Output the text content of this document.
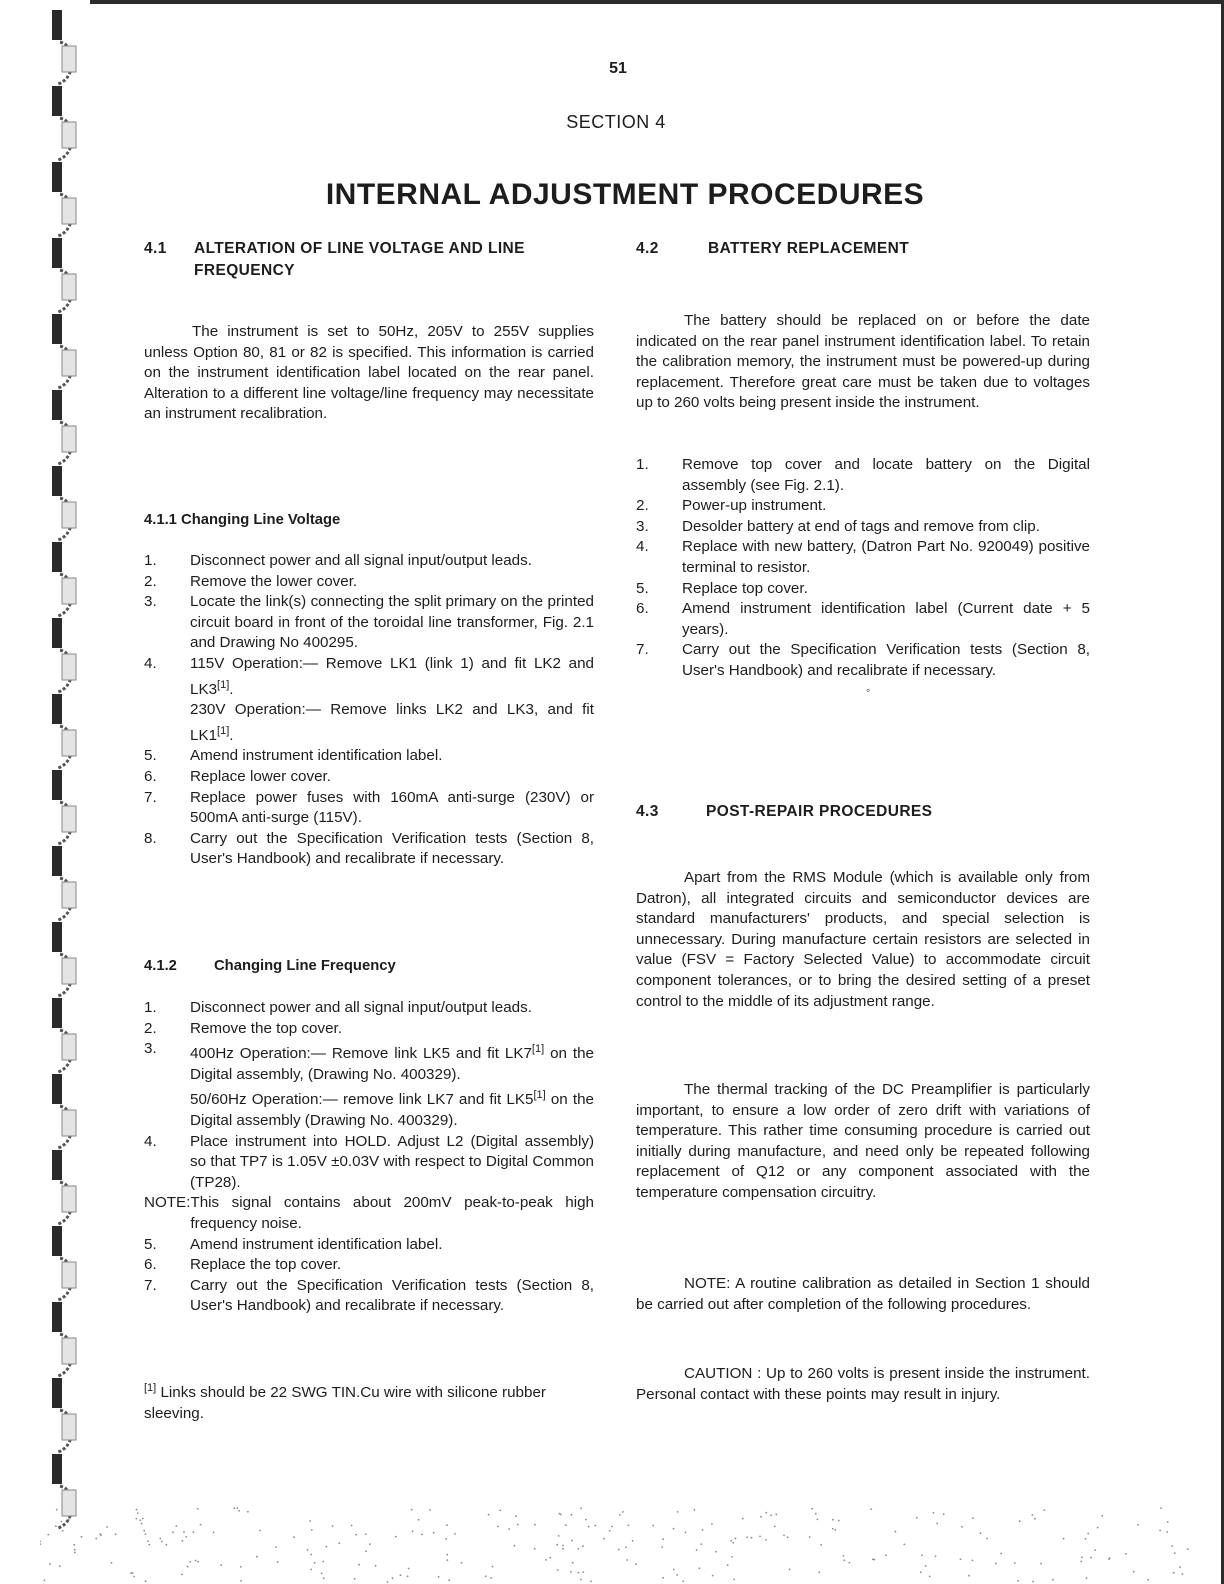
51
SECTION 4
INTERNAL ADJUSTMENT PROCEDURES
4.1	ALTERATION OF LINE VOLTAGE AND LINE FREQUENCY

The instrument is set to 50Hz, 205V to 255V supplies unless Option 80, 81 or 82 is specified. This information is carried on the instrument identification label located on the rear panel. Alteration to a different line voltage/line frequency may necessitate an instrument recalibration.

4.1.1 Changing Line Voltage
1.	Disconnect power and all signal input/output leads.
2.	Remove the lower cover.
3.	Locate the link(s) connecting the split primary on the printed circuit board in front of the toroidal line transformer, Fig. 2.1 and Drawing No 400295.
4.	115V Operation:— Remove LK1 (link 1) and fit LK2 and LK3[1].
230V Operation:— Remove links LK2 and LK3, and fit LK1[1].
5.	Amend instrument identification label.
6.	Replace lower cover.
7.	Replace power fuses with 160mA anti-surge (230V) or 500mA anti-surge (115V).
8.	Carry out the Specification Verification tests (Section 8, User's Handbook) and recalibrate if necessary.
4.1.2	Changing Line Frequency
1.	Disconnect power and all signal input/output leads.
2.	Remove the top cover.
3.	400Hz Operation:— Remove link LK5 and fit LK7[1] on the Digital assembly, (Drawing No. 400329).
50/60Hz Operation:— remove link LK7 and fit LK5[1] on the Digital assembly (Drawing No. 400329).
4.	Place instrument into HOLD. Adjust L2 (Digital assembly) so that TP7 is 1.05V ±0.03V with respect to Digital Common (TP28).
NOTE: This signal contains about 200mV peak-to-peak high frequency noise.
5.	Amend instrument identification label.
6.	Replace the top cover.
7.	Carry out the Specification Verification tests (Section 8, User's Handbook) and recalibrate if necessary.
[1] Links should be 22 SWG TIN.Cu wire with silicone rubber sleeving.
4.2	BATTERY REPLACEMENT

The battery should be replaced on or before the date indicated on the rear panel instrument identification label. To retain the calibration memory, the instrument must be powered-up during replacement. Therefore great care must be taken due to voltages up to 260 volts being present inside the instrument.

1.	Remove top cover and locate battery on the Digital assembly (see Fig. 2.1).
2.	Power-up instrument.
3.	Desolder battery at end of tags and remove from clip.
4.	Replace with new battery, (Datron Part No. 920049) positive terminal to resistor.
5.	Replace top cover.
6.	Amend instrument identification label (Current date + 5 years).
7.	Carry out the Specification Verification tests (Section 8, User's Handbook) and recalibrate if necessary.
4.3	POST-REPAIR PROCEDURES

Apart from the RMS Module (which is available only from Datron), all integrated circuits and semiconductor devices are standard manufacturers' products, and special selection is unnecessary. During manufacture certain resistors are selected in value (FSV = Factory Selected Value) to accommodate circuit component tolerances, or to bring the desired setting of a preset control to the middle of its adjustment range.

The thermal tracking of the DC Preamplifier is particularly important, to ensure a low order of zero drift with variations of temperature. This rather time consuming procedure is carried out initially during manufacture, and need only be repeated following replacement of Q12 or any component associated with the temperature compensation circuitry.

NOTE: A routine calibration as detailed in Section 1 should be carried out after completion of the following procedures.

CAUTION : Up to 260 volts is present inside the instrument. Personal contact with these points may result in injury.

◦
